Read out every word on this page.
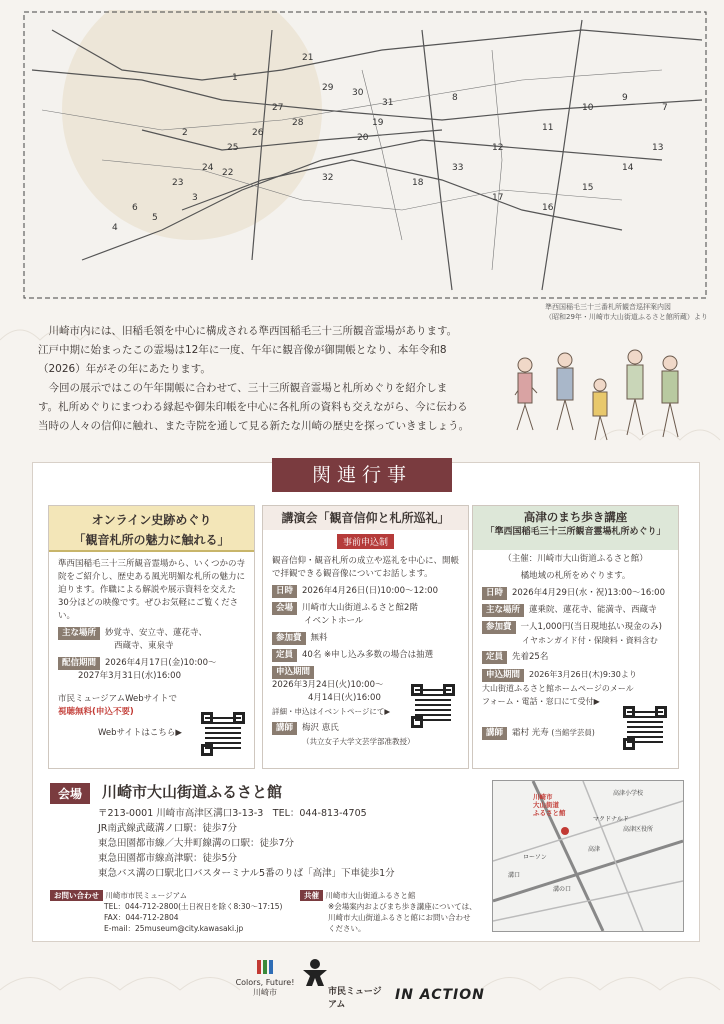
29 30
31
28
27
26
25
24
23
22
20
19
32
33
18
17
16
15
14
13
12
11
10
9
8
7
6
5
4
3
2
1
21
準西国稲毛三十三番札所観音巡拝案内図
（昭和29年・川崎市大山街道ふるさと館所蔵）より

川崎市内には、旧稲毛領を中心に構成される準西国稲毛三十三所観音霊場があります。

江戸中期に始まったこの霊場は12年に一度、午年に観音像が御開帳となり、本年令和8
（2026）年がその年にあたります。

今回の展示ではこの午年開帳に合わせて、三十三所観音霊場と札所めぐりを紹介しま

す。札所めぐりにまつわる縁起や御朱印帳を中心に各札所の資料も交えながら、今に伝わる
当時の人々の信仰に触れ、また寺院を通して見る新たな川崎の歴史を探っていきましょう。
関連行事
オンライン史跡めぐり
「観音札所の魅力に触れる」
準西国稲毛三十三所観音霊場から、いくつかの寺院をご紹介し、歴史ある風光明媚な札所の魅力に迫ります。作職による解説や展示資料を交えた30分ほどの映像です。ぜひお気軽にご覧ください。
主な場所 妙覚寺、安立寺、蓮花寺、
西蔵寺、東泉寺
配信期間 2026年4月17日(金)10:00～
2027年3月31日(水)16:00
市民ミュージアムWebサイトで
視聴無料(申込不要)
Webサイトはこちら▶
講演会「観音信仰と札所巡礼」
事前申込制
観音信仰・観音札所の成立や巡礼を中心に、開帳で拝観できる観音像についてお話します。
日時 2026年4月26日(日)10:00～12:00
会場 川崎市大山街道ふるさと館2階
イベントホール
参加費 無料
定員 40名 ※申し込み多数の場合は抽選
申込期間
2026年3月24日(火)10:00～
4月14日(火)16:00
詳細・申込はイベントページにて▶
講師 梅沢 恵氏
（共立女子大学文芸学部准教授）
高津のまち歩き講座
「準西国稲毛三十三所観音霊場札所めぐり」
（主催：川崎市大山街道ふるさと館）
橘地域の札所をめぐります。
日時 2026年4月29日(水・祝)13:00～16:00
主な場所 蓮乗院、蓮花寺、能満寺、西蔵寺
参加費 一人1,000円(当日現地払い現金のみ)
イヤホンガイド付・保険料・資料含む
定員 先着25名
申込期間 2026年3月26日(木)9:30より
大山街道ふるさと館ホームページのメール
フォーム・電話・窓口にて受付▶
講師 霜村 光寿 (当館学芸員)
会場	川崎市大山街道ふるさと館
〒213-0001 川崎市高津区溝口3-13-3　TEL：044-813-4705
JR南武線武蔵溝ノ口駅：徒歩7分
東急田園都市線／大井町線溝の口駅：徒歩7分
東急田園都市線高津駅：徒歩5分
東急バス溝の口駅北口バスターミナル5番のりば「高津」下車徒歩1分
川崎市
大山街道
ふるさと館
高津小学校
高津区役所
溝口
溝の口
高津
ローソン
マクドナルド
お問い合わせ 川崎市市民ミュージアム
TEL：044-712-2800(土日祝日を除く8:30～17:15)
FAX：044-712-2804
E-mail：25museum@city.kawasaki.jp
共催 川崎市大山街道ふるさと館
※会場案内およびまち歩き講座については、
川崎市大山街道ふるさと館にお問い合わせ
ください。
Colors, Future!
川崎市	市民ミュージアム
IN ACTION
